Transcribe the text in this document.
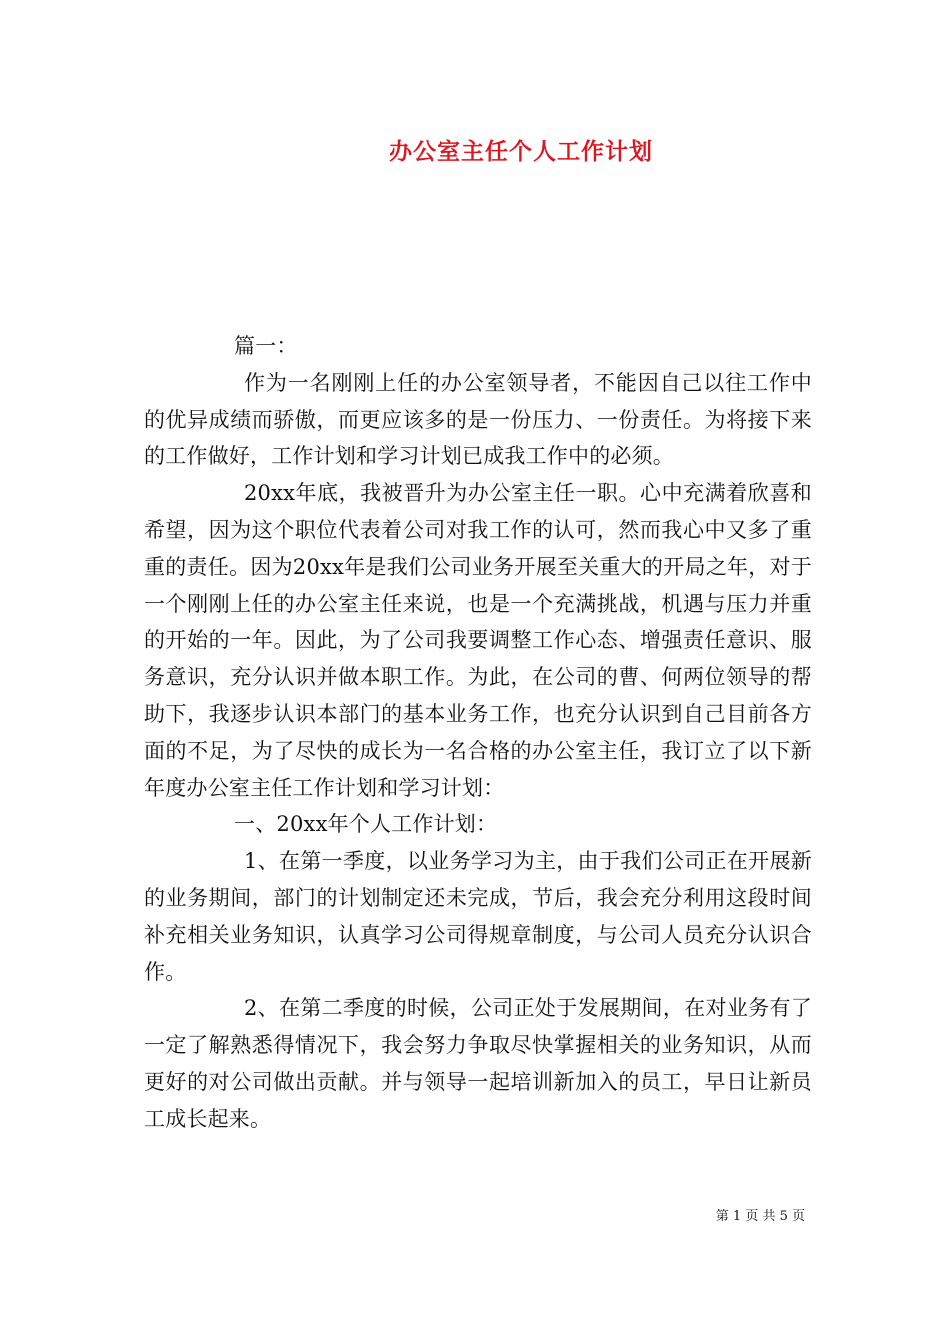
办公室主任个人工作计划

篇一：

作为一名刚刚上任的办公室领导者，不能因自己以往工作中的优异成绩而骄傲，而更应该多的是一份压力、一份责任。为将接下来的工作做好，工作计划和学习计划已成我工作中的必须。

20xx年底，我被晋升为办公室主任一职。心中充满着欣喜和希望，因为这个职位代表着公司对我工作的认可，然而我心中又多了重重的责任。因为20xx年是我们公司业务开展至关重大的开局之年，对于一个刚刚上任的办公室主任来说，也是一个充满挑战，机遇与压力并重的开始的一年。因此，为了公司我要调整工作心态、增强责任意识、服务意识，充分认识并做本职工作。为此，在公司的曹、何两位领导的帮助下，我逐步认识本部门的基本业务工作，也充分认识到自己目前各方面的不足，为了尽快的成长为一名合格的办公室主任，我订立了以下新年度办公室主任工作计划和学习计划：

一、20xx年个人工作计划：

1、在第一季度，以业务学习为主，由于我们公司正在开展新的业务期间，部门的计划制定还未完成，节后，我会充分利用这段时间补充相关业务知识，认真学习公司得规章制度，与公司人员充分认识合作。

2、在第二季度的时候，公司正处于发展期间，在对业务有了一定了解熟悉得情况下，我会努力争取尽快掌握相关的业务知识，从而更好的对公司做出贡献。并与领导一起培训新加入的员工，早日让新员工成长起来。

第 1 页 共 5 页
